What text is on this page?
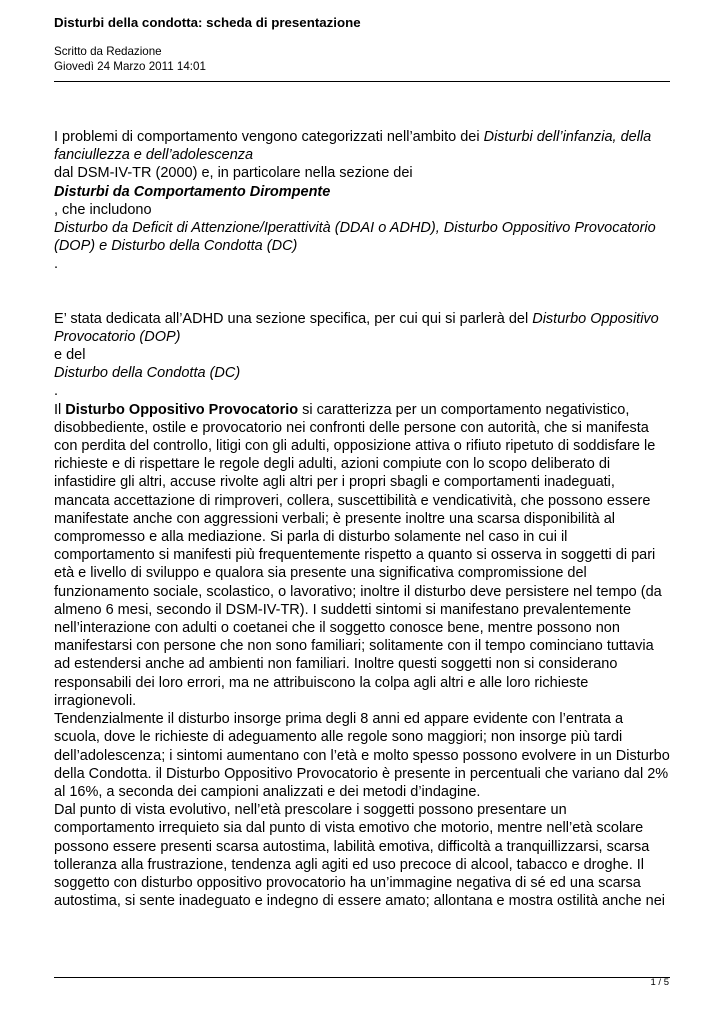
Disturbi della condotta: scheda di presentazione
Scritto da Redazione
Giovedì 24 Marzo 2011 14:01

I problemi di comportamento vengono categorizzati nell’ambito dei Disturbi dell’infanzia, della fanciullezza e dell’adolescenza

dal DSM-IV-TR (2000) e, in particolare nella sezione dei

Disturbi da Comportamento Dirompente

, che includono

Disturbo da Deficit di Attenzione/Iperattività (DDAI o ADHD), Disturbo Oppositivo Provocatorio (DOP) e Disturbo della Condotta (DC)

.

E’ stata dedicata all’ADHD una sezione specifica, per cui qui si parlerà del Disturbo Oppositivo Provocatorio (DOP)

e del

Disturbo della Condotta (DC)

.

Il Disturbo Oppositivo Provocatorio si caratterizza per un comportamento negativistico, disobbediente, ostile e provocatorio nei confronti delle persone con autorità, che si manifesta con perdita del controllo, litigi con gli adulti, opposizione attiva o rifiuto ripetuto di soddisfare le richieste e di rispettare le regole degli adulti, azioni compiute con lo scopo deliberato di infastidire gli altri, accuse rivolte agli altri per i propri sbagli e comportamenti inadeguati, mancata accettazione di rimproveri, collera, suscettibilità e vendicatività, che possono essere manifestate anche con aggressioni verbali; è presente inoltre una scarsa disponibilità al compromesso e alla mediazione. Si parla di disturbo solamente nel caso in cui il comportamento si manifesti più frequentemente rispetto a quanto si osserva in soggetti di pari età e livello di sviluppo e qualora sia presente una significativa compromissione del funzionamento sociale, scolastico, o lavorativo; inoltre il disturbo deve persistere nel tempo (da almeno 6 mesi, secondo il DSM-IV-TR). I suddetti sintomi si manifestano prevalentemente nell’interazione con adulti o coetanei che il soggetto conosce bene, mentre possono non manifestarsi con persone che non sono familiari; solitamente con il tempo cominciano tuttavia ad estendersi anche ad ambienti non familiari. Inoltre questi soggetti non si considerano responsabili dei loro errori, ma ne attribuiscono la colpa agli altri e alle loro richieste irragionevoli.

Tendenzialmente il disturbo insorge prima degli 8 anni ed appare evidente con l’entrata a scuola, dove le richieste di adeguamento alle regole sono maggiori; non insorge più tardi dell’adolescenza; i sintomi aumentano con l’età e molto spesso possono evolvere in un Disturbo della Condotta. il Disturbo Oppositivo Provocatorio è presente in percentuali che variano dal 2% al 16%, a seconda dei campioni analizzati e dei metodi d’indagine.

Dal punto di vista evolutivo, nell’età prescolare i soggetti possono presentare un comportamento irrequieto sia dal punto di vista emotivo che motorio, mentre nell’età scolare possono essere presenti scarsa autostima, labilità emotiva, difficoltà a tranquillizzarsi, scarsa tolleranza alla frustrazione, tendenza agli agiti ed uso precoce di alcool, tabacco e droghe. Il soggetto con disturbo oppositivo provocatorio ha un’immagine negativa di sé ed una scarsa autostima, si sente inadeguato e indegno di essere amato; allontana e mostra ostilità anche nei

1 / 5
